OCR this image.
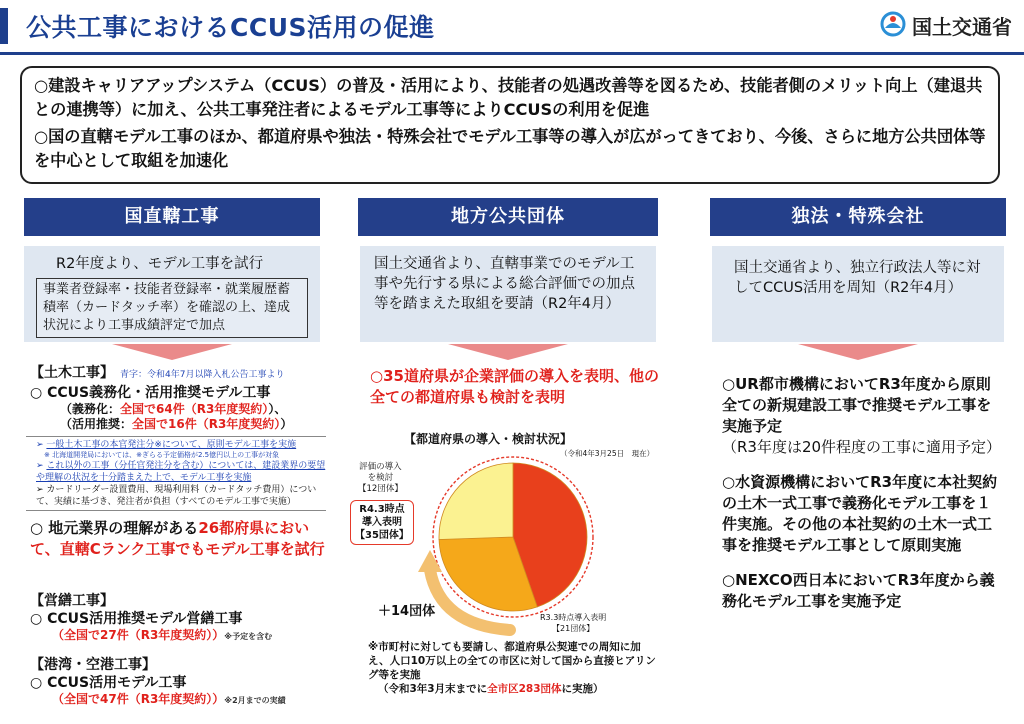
公共工事におけるCCUS活用の促進	国土交通省

○建設キャリアアップシステム（CCUS）の普及・活用により、技能者の処遇改善等を図るため、技能者側のメリット向上（建退共との連携等）に加え、公共工事発注者によるモデル工事等によりCCUSの利用を促進

○国の直轄モデル工事のほか、都道府県や独法・特殊会社でモデル工事等の導入が広がってきており、今後、さらに地方公共団体等を中心として取組を加速化

国直轄工事	地方公共団体	独法・特殊会社
R2年度より、モデル工事を試行
事業者登録率・技能者登録率・就業履歴蓄積率（カードタッチ率）を確認の上、達成状況により工事成績評定で加点
【土木工事】 青字：令和4年7月以降入札公告工事より
○ CCUS義務化・活用推奨モデル工事
（義務化：全国で64件（R3年度契約））、
（活用推奨：全国で16件（R3年度契約））
➢ 一般土木工事の本官発注分※について、原則モデル工事を実施
※ 北海道開発局においては、※ぎらる予定価格が2.5億円以上の工事が対象
➢ これ以外の工事（分任官発注分を含む）については、建設業界の要望や理解の状況を十分踏まえた上で、モデル工事を実施
➢ カードリーダー設置費用、現場利用料（カードタッチ費用）について、実績に基づき、発注者が負担（すべてのモデル工事で実施）
○ 地元業界の理解がある26都府県において、直轄Cランク工事でもモデル工事を試行
【営繕工事】
○ CCUS活用推奨モデル営繕工事
（全国で27件（R3年度契約））※予定を含む
【港湾・空港工事】
○ CCUS活用モデル工事
（全国で47件（R3年度契約））※2月までの実績
国土交通省より、直轄事業でのモデル工事や先行する県による総合評価での加点等を踏まえた取組を要請（R2年4月）
○35道府県が企業評価の導入を表明、他の全ての都道府県も検討を表明
【都道府県の導入・検討状況】
（令和4年3月25日　現在）
評価の導入
を検討
【12団体】
R4.3時点
導入表明
【35団体】
＋14団体	R3.3時点導入表明
【21団体】
※市町村に対しても要請し、都道府県公契連での周知に加え、人口10万以上の全ての市区に対して国から直接ヒアリング等を実施
（令和3年3月末までに全市区283団体に実施）
国土交通省より、独立行政法人等に対してCCUS活用を周知（R2年4月）
○UR都市機構においてR3年度から原則全ての新規建設工事で推奨モデル工事を実施予定
（R3年度は20件程度の工事に適用予定）
○水資源機構においてR3年度に本社契約の土木一式工事で義務化モデル工事を１件実施。その他の本社契約の土木一式工事を推奨モデル工事として原則実施
○NEXCO西日本においてR3年度から義務化モデル工事を実施予定
